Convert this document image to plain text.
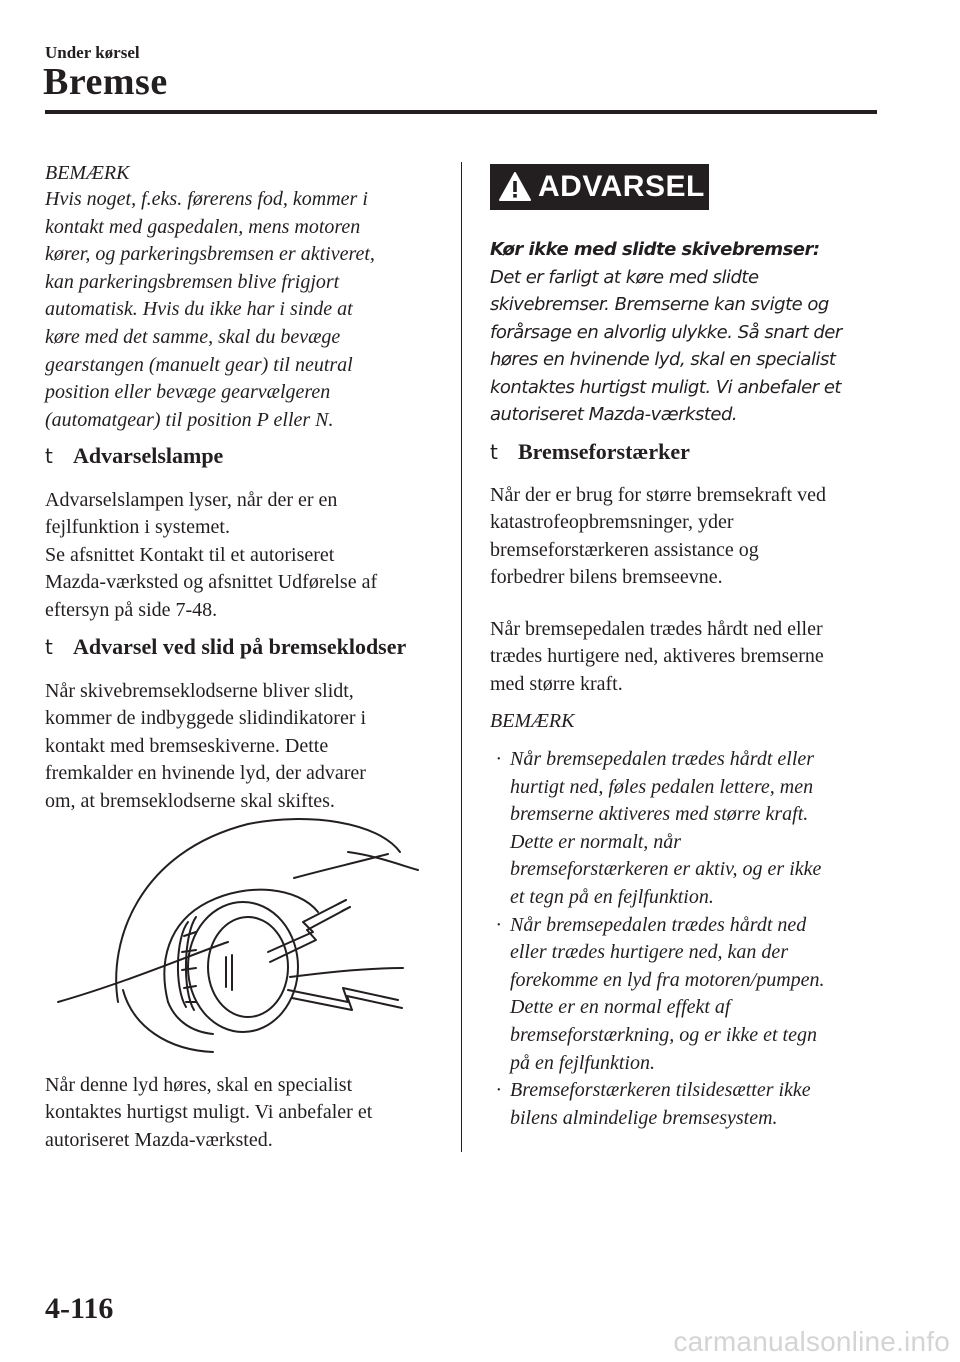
Under kørsel
Bremse
BEMÆRK
Hvis noget, f.eks. førerens fod, kommer i
kontakt med gaspedalen, mens motoren
kører, og parkeringsbremsen er aktiveret,
kan parkeringsbremsen blive frigjort
automatisk. Hvis du ikke har i sinde at
køre med det samme, skal du bevæge
gearstangen (manuelt gear) til neutral
position eller bevæge gearvælgeren
(automatgear) til position P eller N.
t Advarselslampe

Advarselslampen lyser, når der er en

fejlfunktion i systemet.

Se afsnittet Kontakt til et autoriseret

Mazda-værksted og afsnittet Udførelse af

eftersyn på side 7-48.

t Advarsel ved slid på bremseklodser

Når skivebremseklodserne bliver slidt,

kommer de indbyggede slidindikatorer i

kontakt med bremseskiverne. Dette

fremkalder en hvinende lyd, der advarer

om, at bremseklodserne skal skiftes.

Når denne lyd høres, skal en specialist

kontaktes hurtigst muligt. Vi anbefaler et

autoriseret Mazda-værksted.

ADVARSEL
Kør ikke med slidte skivebremser:
Det er farligt at køre med slidte
skivebremser. Bremserne kan svigte og
forårsage en alvorlig ulykke. Så snart der
høres en hvinende lyd, skal en specialist
kontaktes hurtigst muligt. Vi anbefaler et
autoriseret Mazda-værksted.
t Bremseforstærker

Når der er brug for større bremsekraft ved

katastrofeopbremsninger, yder

bremseforstærkeren assistance og

forbedrer bilens bremseevne.

Når bremsepedalen trædes hårdt ned eller

trædes hurtigere ned, aktiveres bremserne

med større kraft.

BEMÆRK
· Når bremsepedalen trædes hårdt eller
hurtigt ned, føles pedalen lettere, men
bremserne aktiveres med større kraft.
Dette er normalt, når
bremseforstærkeren er aktiv, og er ikke
et tegn på en fejlfunktion.
· Når bremsepedalen trædes hårdt ned
eller trædes hurtigere ned, kan der
forekomme en lyd fra motoren/pumpen.
Dette er en normal effekt af
bremseforstærkning, og er ikke et tegn
på en fejlfunktion.
· Bremseforstærkeren tilsidesætter ikke
bilens almindelige bremsesystem.
4-116
carmanualsonline.info
